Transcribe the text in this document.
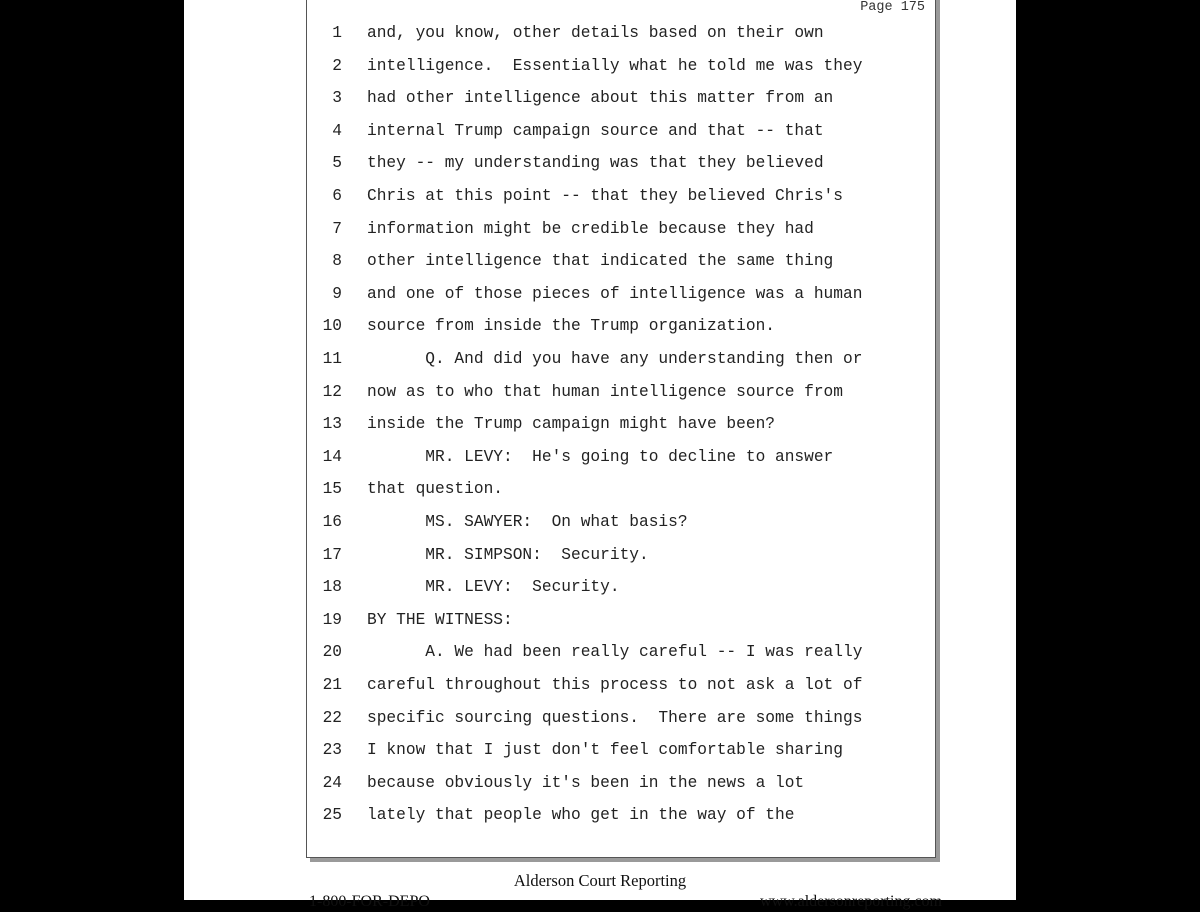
Page 175
1 and, you know, other details based on their own
2 intelligence.  Essentially what he told me was they
3 had other intelligence about this matter from an
4 internal Trump campaign source and that -- that
5 they -- my understanding was that they believed
6 Chris at this point -- that they believed Chris's
7 information might be credible because they had
8 other intelligence that indicated the same thing
9 and one of those pieces of intelligence was a human
10 source from inside the Trump organization.
11 Q. And did you have any understanding then or
12 now as to who that human intelligence source from
13 inside the Trump campaign might have been?
14 MR. LEVY:  He's going to decline to answer
15 that question.
16 MS. SAWYER:  On what basis?
17 MR. SIMPSON:  Security.
18 MR. LEVY:  Security.
19 BY THE WITNESS:
20 A. We had been really careful -- I was really
21 careful throughout this process to not ask a lot of
22 specific sourcing questions.  There are some things
23 I know that I just don't feel comfortable sharing
24 because obviously it's been in the news a lot
25 lately that people who get in the way of the
Alderson Court Reporting
1-800-FOR-DEPO	www.aldersonreporting.com
